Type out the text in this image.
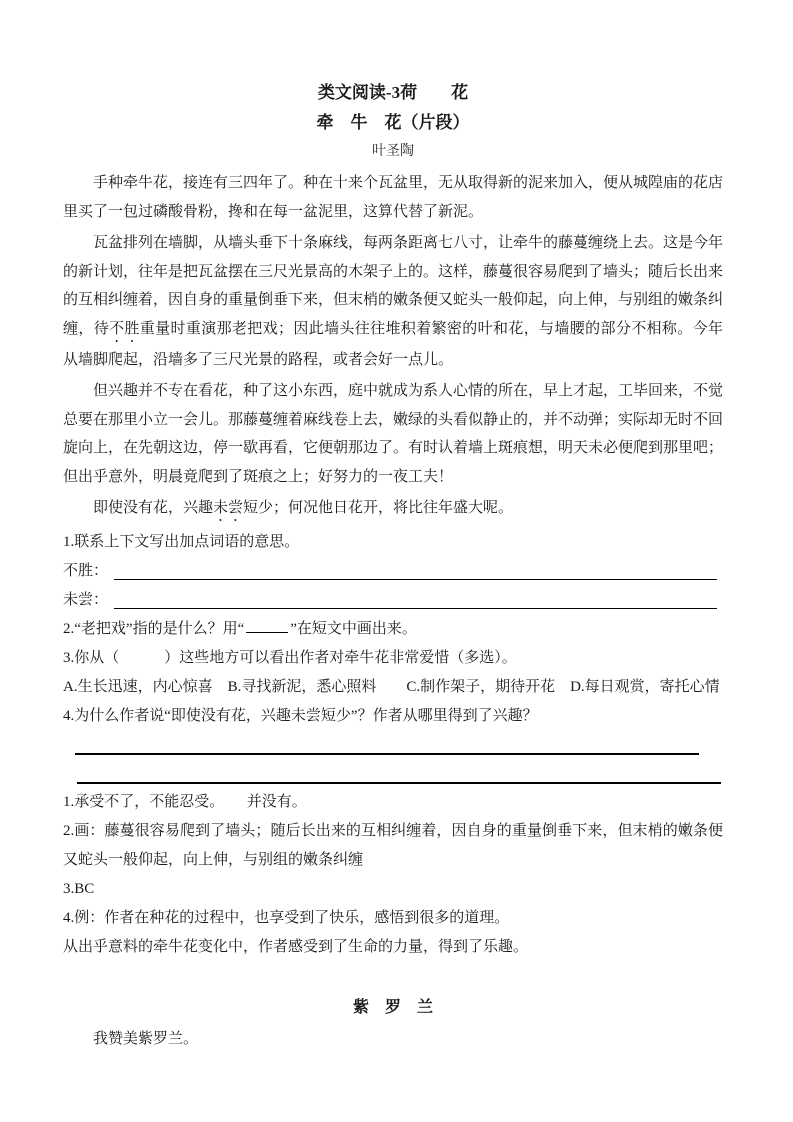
类文阅读-3荷　　花
牵　牛　花（片段）
叶圣陶

手种牵牛花，接连有三四年了。种在十来个瓦盆里，无从取得新的泥来加入，便从城隍庙的花店里买了一包过磷酸骨粉，搀和在每一盆泥里，这算代替了新泥。

瓦盆排列在墙脚，从墙头垂下十条麻线，每两条距离七八寸，让牵牛的藤蔓缠绕上去。这是今年的新计划，往年是把瓦盆摆在三尺光景高的木架子上的。这样，藤蔓很容易爬到了墙头；随后长出来的互相纠缠着，因自身的重量倒垂下来，但末梢的嫩条便又蛇头一般仰起，向上伸，与别组的嫩条纠缠，待不胜重量时重演那老把戏；因此墙头往往堆积着繁密的叶和花，与墙腰的部分不相称。今年从墙脚爬起，沿墙多了三尺光景的路程，或者会好一点儿。

但兴趣并不专在看花，种了这小东西，庭中就成为系人心情的所在，早上才起，工毕回来，不觉总要在那里小立一会儿。那藤蔓缠着麻线卷上去，嫩绿的头看似静止的，并不动弹；实际却无时不回旋向上，在先朝这边，停一歇再看，它便朝那边了。有时认着墙上斑痕想，明天未必便爬到那里吧；但出乎意外，明晨竟爬到了斑痕之上；好努力的一夜工夫！

即使没有花，兴趣未尝短少；何况他日花开，将比往年盛大呢。

1.联系上下文写出加点词语的意思。

不胜：
未尝：

2.“老把戏”指的是什么？用“	”在短文中画出来。

3.你从（　　　）这些地方可以看出作者对牵牛花非常爱惜（多选）。

A.生长迅速，内心惊喜　B.寻找新泥，悉心照料　　C.制作架子，期待开花　D.每日观赏，寄托心情

4.为什么作者说“即使没有花，兴趣未尝短少”？作者从哪里得到了兴趣？

1.承受不了，不能忍受。　　并没有。

2.画：藤蔓很容易爬到了墙头；随后长出来的互相纠缠着，因自身的重量倒垂下来，但末梢的嫩条便又蛇头一般仰起，向上伸，与别组的嫩条纠缠

3.BC

4.例：作者在种花的过程中，也享受到了快乐，感悟到很多的道理。

从出乎意料的牵牛花变化中，作者感受到了生命的力量，得到了乐趣。

紫　罗　兰

我赞美紫罗兰。
